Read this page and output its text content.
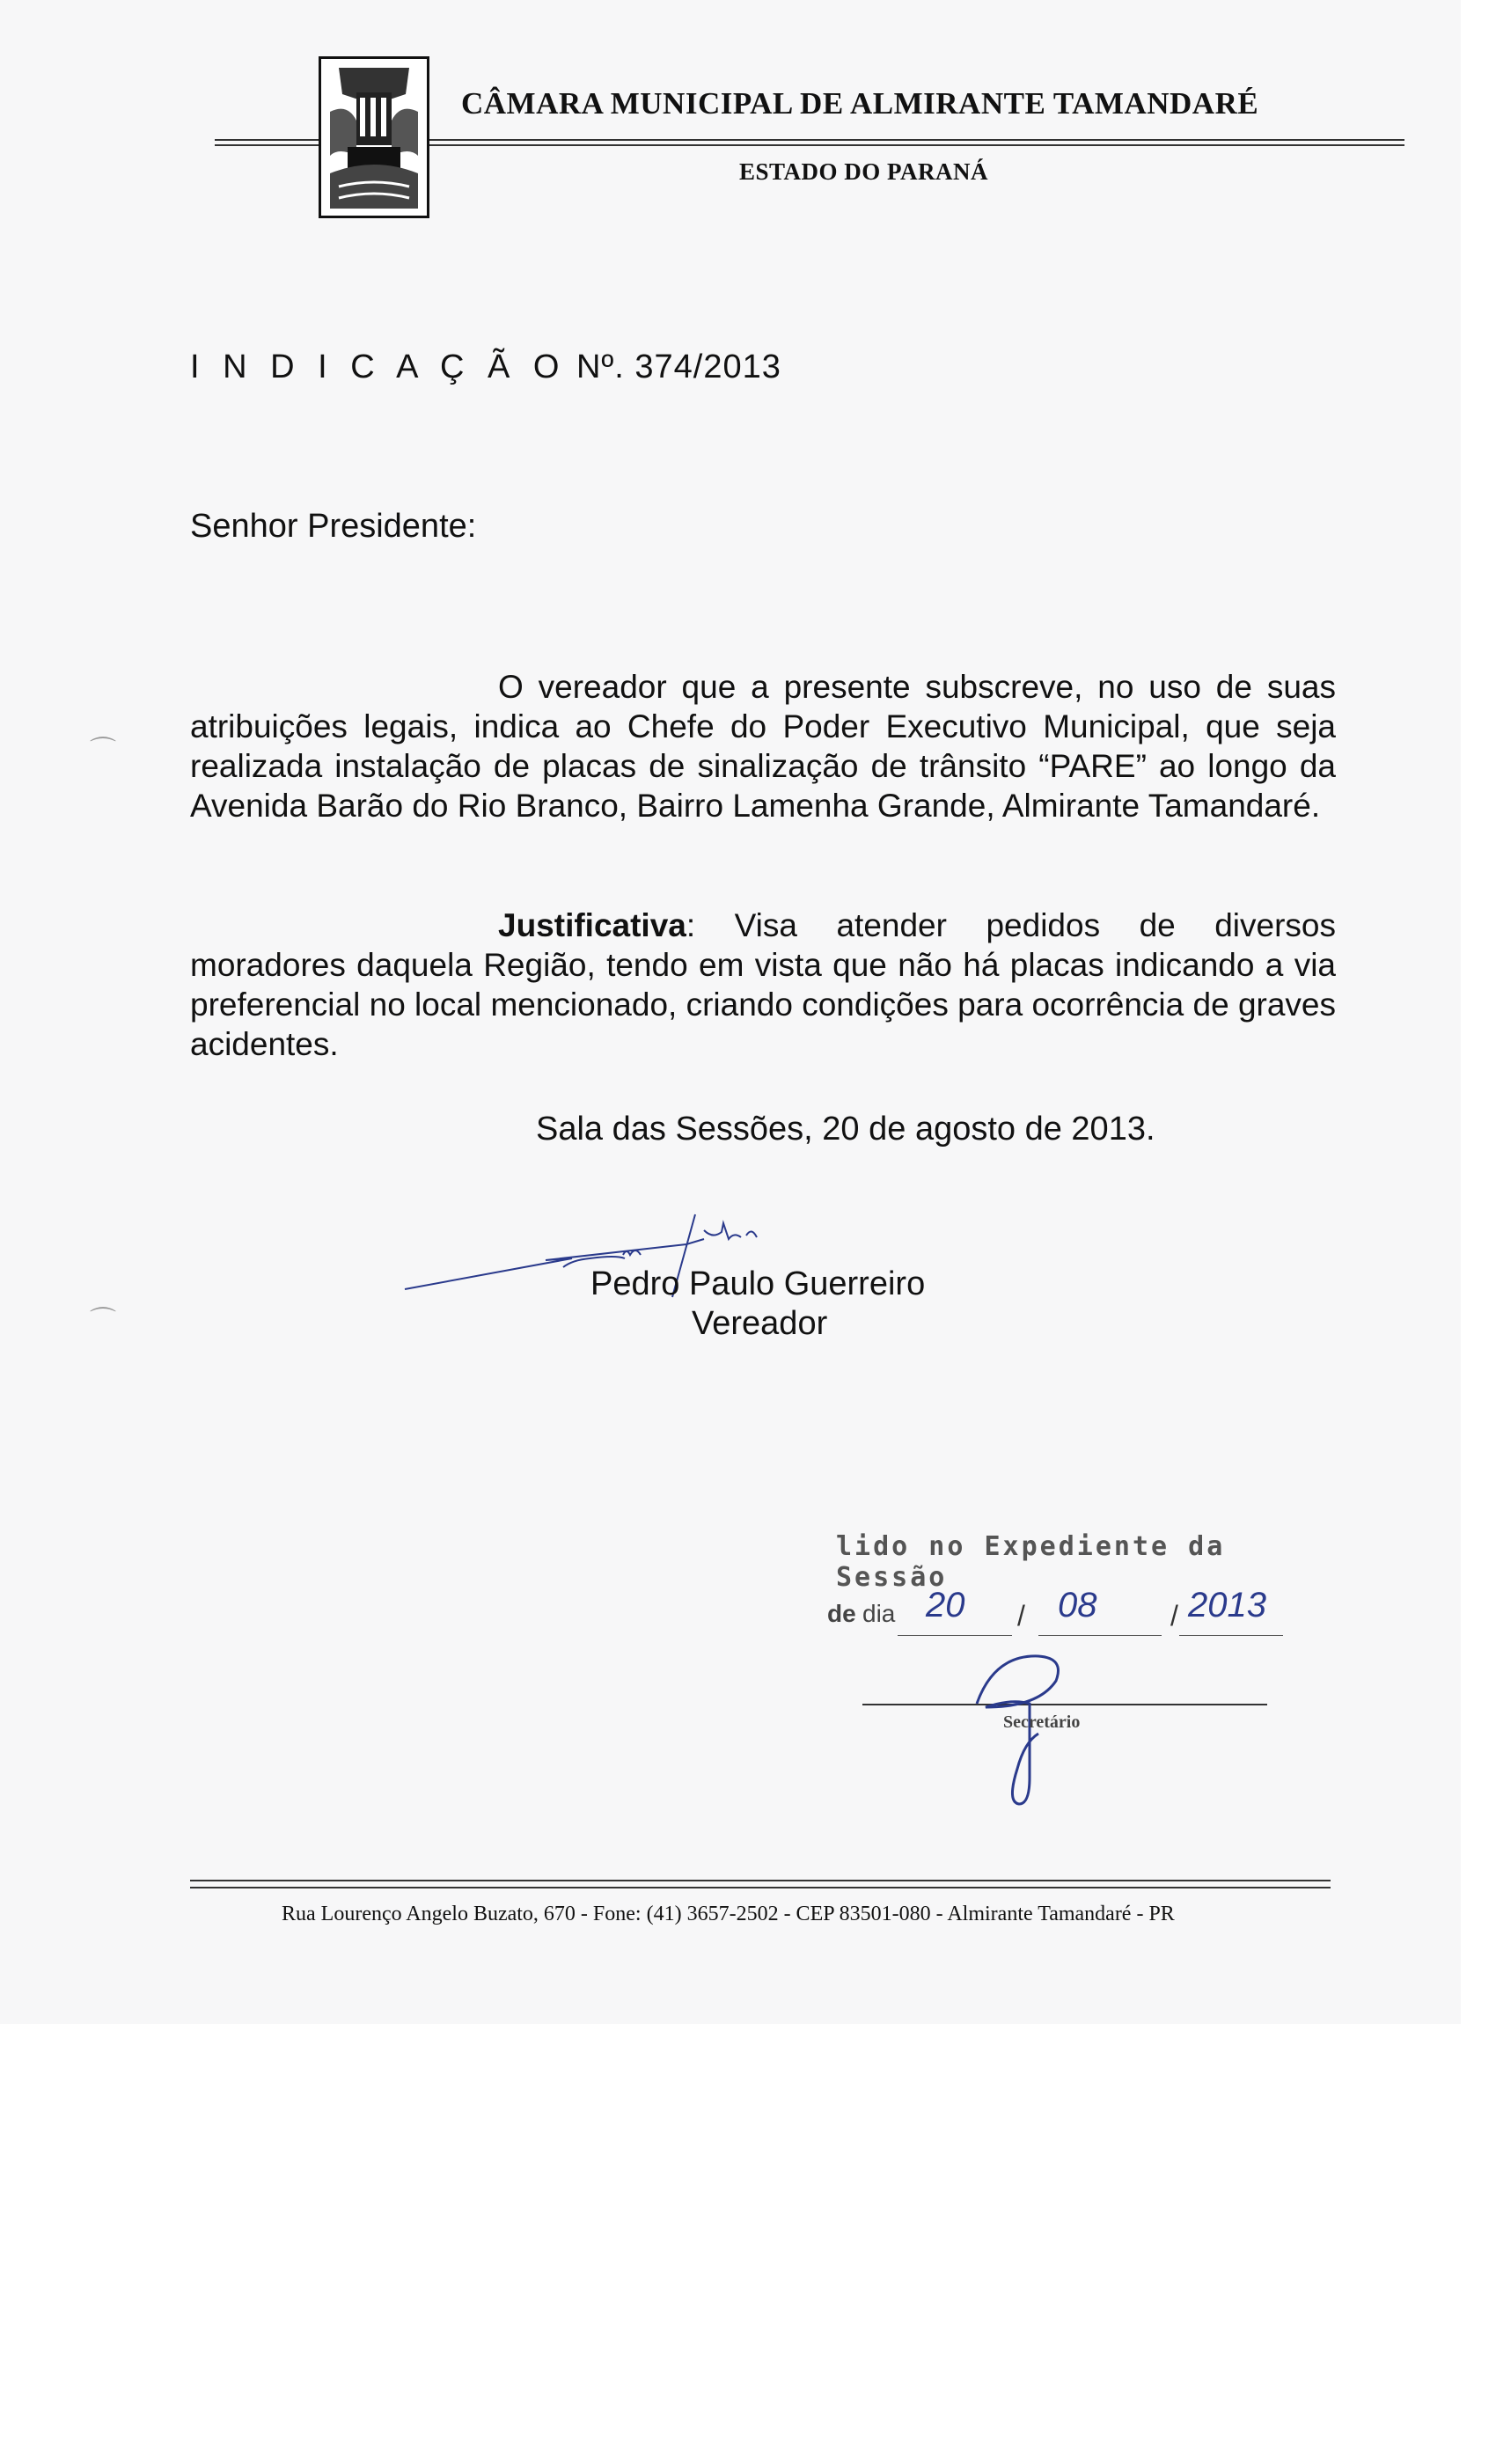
CÂMARA MUNICIPAL DE ALMIRANTE TAMANDARÉ
ESTADO DO PARANÁ
I N D I C A Ç Ã O Nº. 374/2013
Senhor Presidente:

O vereador que a presente subscreve, no uso de suas atribuições legais, indica ao Chefe do Poder Executivo Municipal, que seja realizada instalação de placas de sinalização de trânsito “PARE” ao longo da Avenida Barão do Rio Branco, Bairro Lamenha Grande, Almirante Tamandaré.

Justificativa: Visa atender pedidos de diversos moradores daquela Região, tendo em vista que não há placas indicando a via preferencial no local mencionado, criando condições para ocorrência de graves acidentes.

Sala das Sessões, 20 de agosto de 2013.
Pedro Paulo Guerreiro
Vereador
lido no Expediente da Sessão
de dia 20 / 08	/ 2013
Secretário
Rua Lourenço Angelo Buzato, 670 - Fone: (41) 3657-2502 - CEP 83501-080 - Almirante Tamandaré - PR
⌒
⌒
